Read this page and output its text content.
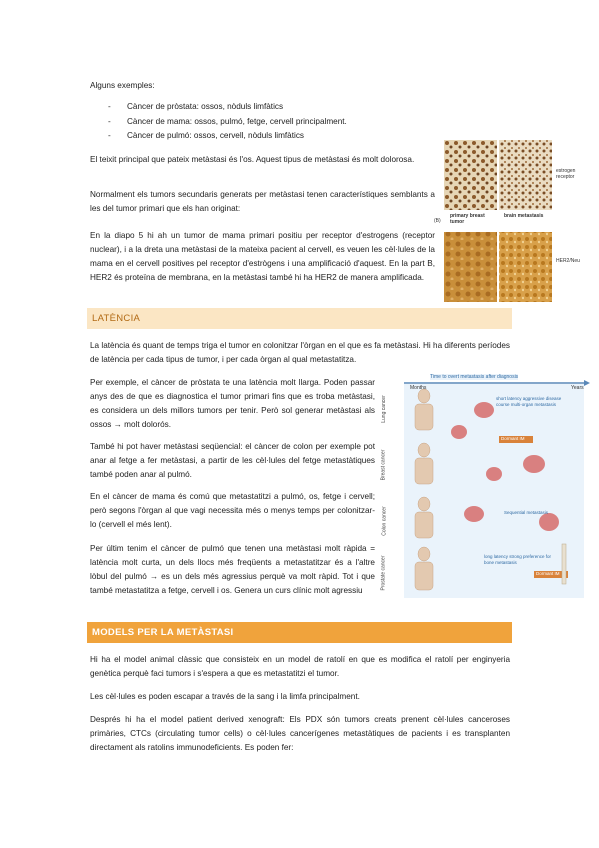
Alguns exemples:

- Càncer de pròstata: ossos, nòduls limfàtics
- Càncer de mama: ossos, pulmó, fetge, cervell principalment.
- Càncer de pulmó: ossos, cervell, nòduls limfàtics

El teixit principal que pateix metàstasi és l'os. Aquest tipus de metàstasi és molt dolorosa.

Normalment els tumors secundaris generats per metàstasi tenen característiques semblants a les del tumor primari que els han originat:

En la diapo 5 hi ah un tumor de mama primari positiu per receptor d'estrogens (receptor nuclear), i a la dreta una metàstasi de la mateixa pacient al cervell, es veuen les cèl·lules de la mama en el cervell positives pel receptor d'estrògens i una amplificació d'aquest. En la part B, HER2 és proteïna de membrana, en la metàstasi també hi ha HER2 de manera amplificada.

estrogen receptor
HER2/Neu
(B)
primary breast tumor
brain metastasis
LATÈNCIA

La latència és quant de temps triga el tumor en colonitzar l'òrgan en el que es fa metàstasi. Hi ha diferents períodes de latència per cada tipus de tumor, i per cada òrgan al qual metastatitza.

Per exemple, el càncer de pròstata te una latència molt llarga. Poden passar anys des de que es diagnostica el tumor primari fins que es troba metàstasi, es considera un dels millors tumors per tenir. Però sol generar metàstasi als ossos → molt dolorós.

També hi pot haver metàstasi seqüencial: el càncer de colon per exemple pot anar al fetge a fer metàstasi, a partir de les cèl·lules del fetge metastàtiques també poden anar al pulmó.

En el càncer de mama és comú que metastatitzi a pulmó, os, fetge i cervell; però segons l'òrgan al que vagi necessita més o menys temps per colonitzar-lo (cervell el més lent).

Per últim tenim el càncer de pulmó que tenen una metàstasi molt ràpida = latència molt curta, un dels llocs més freqüents a metastatitzar és a l'altre lòbul del pulmó → es un dels més agressius perquè va molt ràpid. Tot i que també metastatitza a fetge, cervell i os. Genera un curs clínic molt agressiu

Time to overt metastasis after diagnosis
Months	Years
Lung cancer
Breast cancer
Colon cancer
Prostate cancer
short latency aggressive disease course multi-organ metastasis
Dormant IM
Sequential metastasis
long latency strong preference for bone metastasis
Dormant IM
MODELS PER LA METÀSTASI

Hi ha el model animal clàssic que consisteix en un model de ratolí en que es modifica el ratolí per enginyeria genètica perquè faci tumors i s'espera a que es metastatitzi el tumor.

Les cèl·lules es poden escapar a través de la sang i la limfa principalment.

Després hi ha el model patient derived xenograft: Els PDX són tumors creats prenent cèl·lules canceroses primàries, CTCs (circulating tumor cells) o cèl·lules cancerígenes metastàtiques de pacients i es transplanten directament als ratolins immunodeficients. Es poden fer:
